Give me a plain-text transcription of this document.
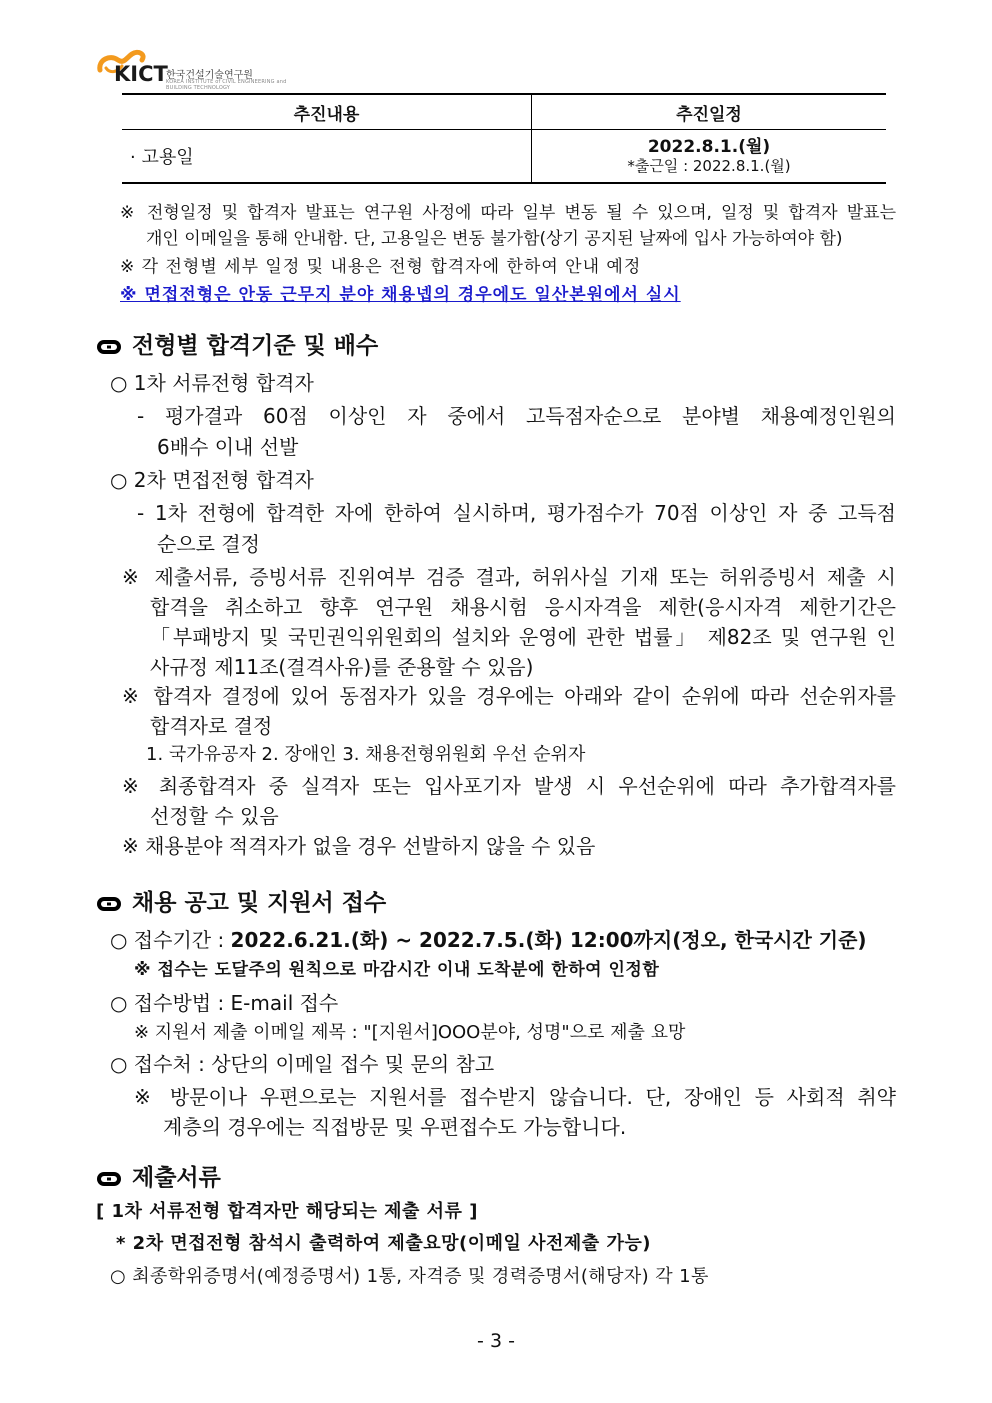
KICT
한국건설기술연구원
KOREA INSTITUTE of CIVIL ENGINEERING and BUILDING TECHNOLOGY
추진내용	추진일정
· 고용일	2022.8.1.(월)
*출근일 : 2022.8.1.(월)
※ 전형일정 및 합격자 발표는 연구원 사정에 따라 일부 변동 될 수 있으며, 일정 및 합격자 발표는
개인 이메일을 통해 안내함. 단, 고용일은 변동 불가함(상기 공지된 날짜에 입사 가능하여야 함)
※ 각 전형별 세부 일정 및 내용은 전형 합격자에 한하여 안내 예정
※ 면접전형은 안동 근무지 분야 채용넵의 경우에도 일산본원에서 실시
전형별 합격기준 및 배수
○ 1차 서류전형 합격자
- 평가결과 60점 이상인 자 중에서 고득점자순으로 분야별 채용예정인원의
6배수 이내 선발
○ 2차 면접전형 합격자
- 1차 전형에 합격한 자에 한하여 실시하며, 평가점수가 70점 이상인 자 중 고득점
순으로 결정
※ 제출서류, 증빙서류 진위여부 검증 결과, 허위사실 기재 또는 허위증빙서 제출 시
합격을 취소하고 향후 연구원 채용시험 응시자격을 제한(응시자격 제한기간은
「부패방지 및 국민권익위원회의 설치와 운영에 관한 법률」 제82조 및 연구원 인
사규정 제11조(결격사유)를 준용할 수 있음)
※ 합격자 결정에 있어 동점자가 있을 경우에는 아래와 같이 순위에 따라 선순위자를
합격자로 결정
1. 국가유공자 2. 장애인 3. 채용전형위원회 우선 순위자
※ 최종합격자 중 실격자 또는 입사포기자 발생 시 우선순위에 따라 추가합격자를
선정할 수 있음
※ 채용분야 적격자가 없을 경우 선발하지 않을 수 있음
채용 공고 및 지원서 접수
○ 접수기간 : 2022.6.21.(화) ~ 2022.7.5.(화) 12:00까지(정오, 한국시간 기준)
※ 접수는 도달주의 원칙으로 마감시간 이내 도착분에 한하여 인정함
○ 접수방법 : E-mail 접수
※ 지원서 제출 이메일 제목 : "[지원서]OOO분야, 성명"으로 제출 요망
○ 접수처 : 상단의 이메일 접수 및 문의 참고
※ 방문이나 우편으로는 지원서를 접수받지 않습니다. 단, 장애인 등 사회적 취약
계층의 경우에는 직접방문 및 우편접수도 가능합니다.
제출서류
[ 1차 서류전형 합격자만 해당되는 제출 서류 ]
* 2차 면접전형 참석시 출력하여 제출요망(이메일 사전제출 가능)
○ 최종학위증명서(예정증명서) 1통, 자격증 및 경력증명서(해당자) 각 1통
- 3 -
